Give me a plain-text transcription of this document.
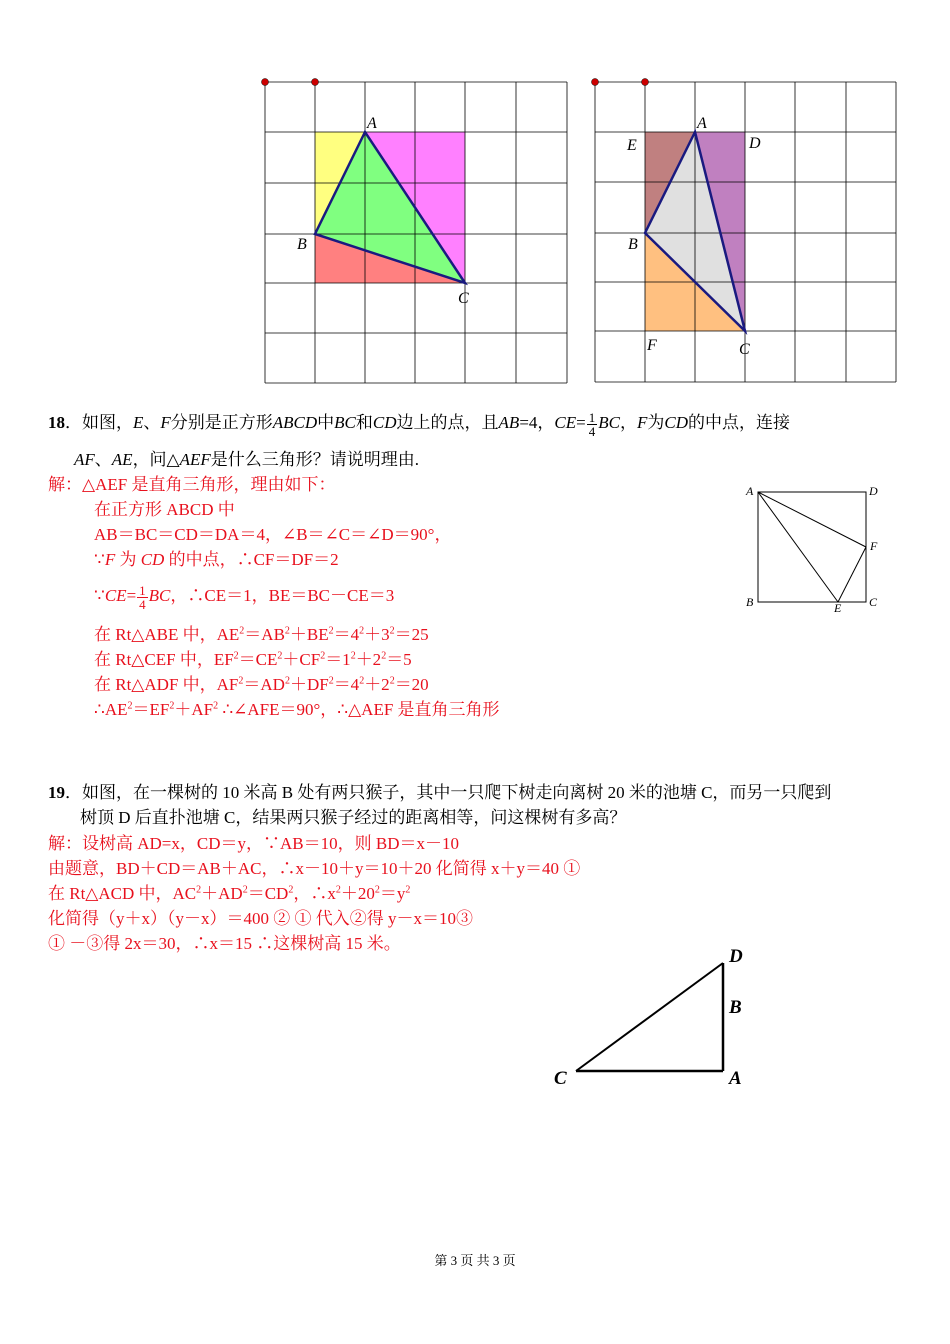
A
B
C
A
E	D
B
F	C
18．如图，E、F分别是正方形ABCD中BC和CD边上的点，且AB=4，$CE= \frac{1}{4}$ BC，F为CD的中点，连接
AF、AE，问△AEF是什么三角形？请说明理由.
解：△AEF 是直角三角形，理由如下：
在正方形 ABCD 中
AB＝BC＝CD＝DA＝4，∠B＝∠C＝∠D＝90°，
∵F 为 CD 的中点，∴CF＝DF＝2
∵CE= $\frac{1}{4}$ BC，∴CE＝1，BE＝BC－CE＝3
在 Rt△ABE 中，$AE^2=AB^2+BE^2=4^2+3^2=25$
在 Rt△CEF 中，$EF^2=CE^2+CF^2=1^2+2^2=5$
在 Rt△ADF 中，$AF^2=AD^2+DF^2=4^2+2^2=20$
$\therefore AE^2=EF^2+AF^2$ ∴∠AFE＝90°，∴△AEF 是直角三角形
A	D
F
B	E C
19．如图，在一棵树的 10 米高 B 处有两只猴子，其中一只爬下树走向离树 20 米的池塘 C，而另一只爬到
树顶 D 后直扑池塘 C，结果两只猴子经过的距离相等，问这棵树有多高？
解：设树高 AD=x，CD＝y，∵AB＝10，则 BD＝x－10
由题意，BD＋CD＝AB＋AC，∴x－10＋y＝10＋20 化简得 x＋y＝40 ①
在 Rt△ACD 中，$AC^2+AD^2=CD^2$，$\therefore x^2+20^2=y^2$
化简得（y＋x）（y－x）＝400 ② ① 代入②得 y－x＝10③
① －③得 2x＝30，∴x＝15 ∴这棵树高 15 米。
D
B
C	A
第 3 页 共 3 页
